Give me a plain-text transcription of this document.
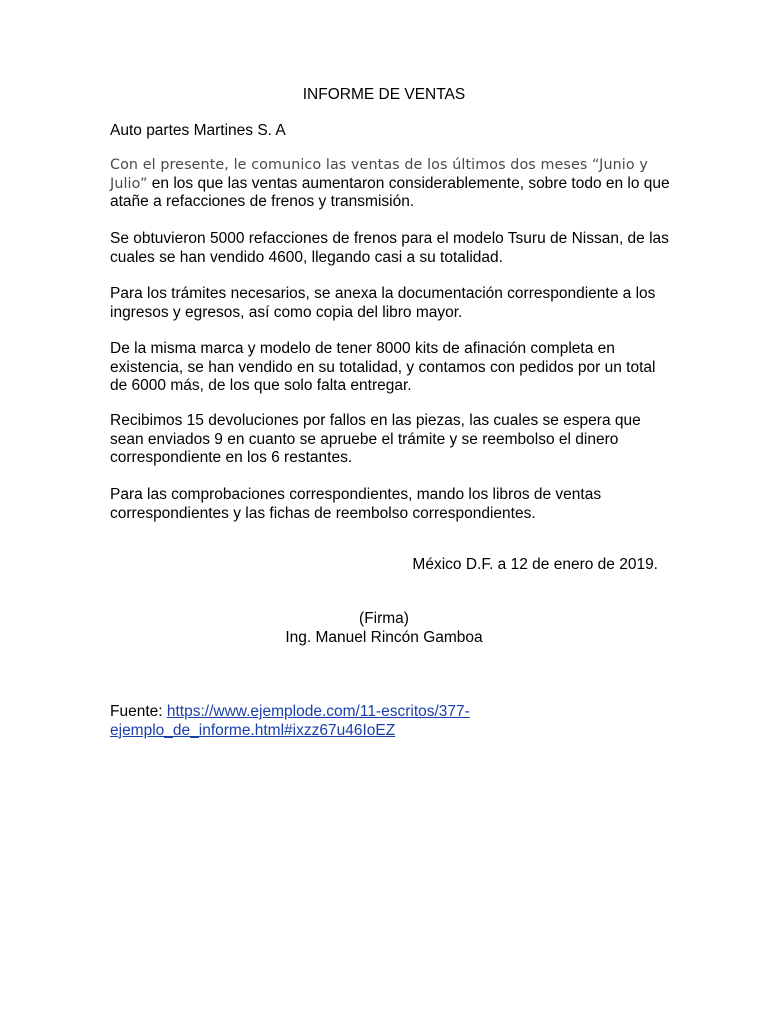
INFORME DE VENTAS
Auto partes Martines S. A
Con el presente, le comunico las ventas de los últimos dos meses “Junio y Julio” en los que las ventas aumentaron considerablemente, sobre todo en lo que atañe a refacciones de frenos y transmisión.
Se obtuvieron 5000 refacciones de frenos para el modelo Tsuru de Nissan, de las cuales se han vendido 4600, llegando casi a su totalidad.
Para los trámites necesarios, se anexa la documentación correspondiente a los ingresos y egresos, así como copia del libro mayor.
De la misma marca y modelo de tener 8000 kits de afinación completa en existencia, se han vendido en su totalidad, y contamos con pedidos por un total de 6000 más, de los que solo falta entregar.
Recibimos 15 devoluciones por fallos en las piezas, las cuales se espera que sean enviados 9 en cuanto se apruebe el trámite y se reembolso el dinero correspondiente en los 6 restantes.
Para las comprobaciones correspondientes, mando los libros de ventas correspondientes y las fichas de reembolso correspondientes.
México D.F. a 12 de enero de 2019.
(Firma)
Ing. Manuel Rincón Gamboa
Fuente: https://www.ejemplode.com/11-escritos/377-ejemplo_de_informe.html#ixzz67u46IoEZ
